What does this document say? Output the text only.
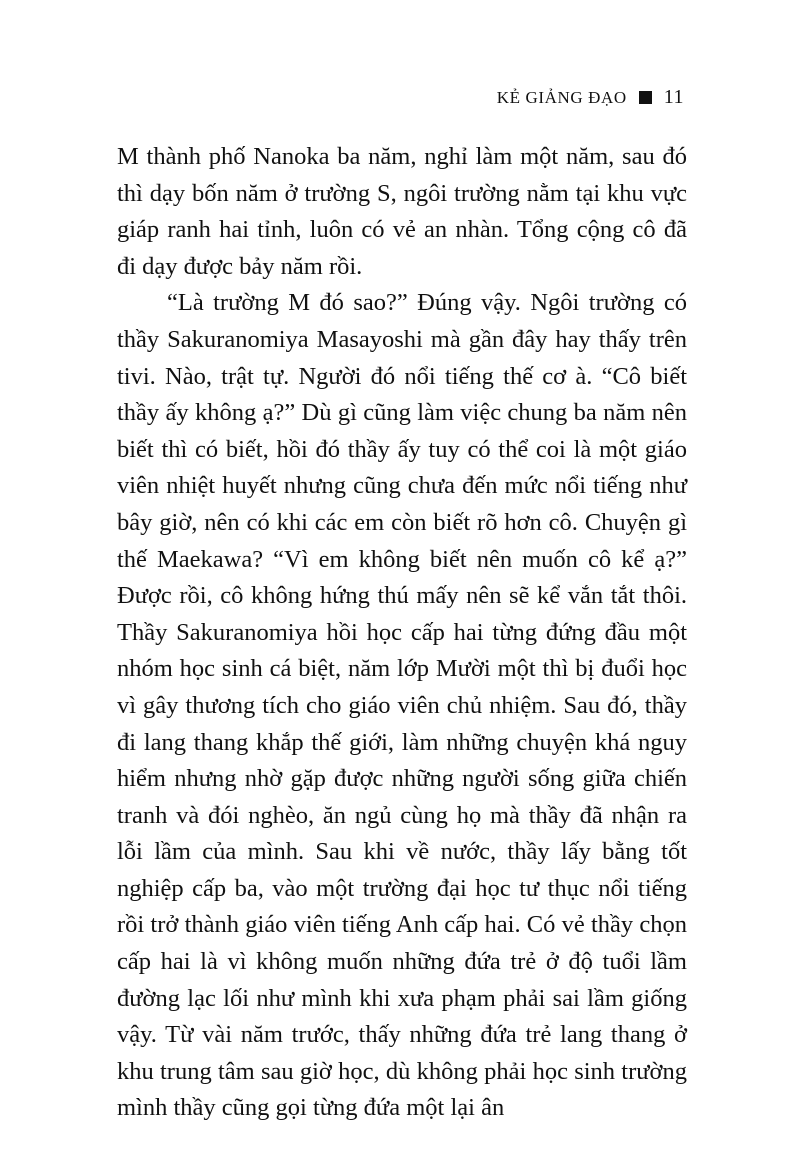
KẺ GIẢNG ĐẠO 11

M thành phố Nanoka ba năm, nghỉ làm một năm, sau đó thì dạy bốn năm ở trường S, ngôi trường nằm tại khu vực giáp ranh hai tỉnh, luôn có vẻ an nhàn. Tổng cộng cô đã đi dạy được bảy năm rồi.

“Là trường M đó sao?” Đúng vậy. Ngôi trường có thầy Sakuranomiya Masayoshi mà gần đây hay thấy trên tivi. Nào, trật tự. Người đó nổi tiếng thế cơ à. “Cô biết thầy ấy không ạ?” Dù gì cũng làm việc chung ba năm nên biết thì có biết, hồi đó thầy ấy tuy có thể coi là một giáo viên nhiệt huyết nhưng cũng chưa đến mức nổi tiếng như bây giờ, nên có khi các em còn biết rõ hơn cô. Chuyện gì thế Maekawa? “Vì em không biết nên muốn cô kể ạ?” Được rồi, cô không hứng thú mấy nên sẽ kể vắn tắt thôi. Thầy Sakuranomiya hồi học cấp hai từng đứng đầu một nhóm học sinh cá biệt, năm lớp Mười một thì bị đuổi học vì gây thương tích cho giáo viên chủ nhiệm. Sau đó, thầy đi lang thang khắp thế giới, làm những chuyện khá nguy hiểm nhưng nhờ gặp được những người sống giữa chiến tranh và đói nghèo, ăn ngủ cùng họ mà thầy đã nhận ra lỗi lầm của mình. Sau khi về nước, thầy lấy bằng tốt nghiệp cấp ba, vào một trường đại học tư thục nổi tiếng rồi trở thành giáo viên tiếng Anh cấp hai. Có vẻ thầy chọn cấp hai là vì không muốn những đứa trẻ ở độ tuổi lầm đường lạc lối như mình khi xưa phạm phải sai lầm giống vậy. Từ vài năm trước, thấy những đứa trẻ lang thang ở khu trung tâm sau giờ học, dù không phải học sinh trường mình thầy cũng gọi từng đứa một lại ân
